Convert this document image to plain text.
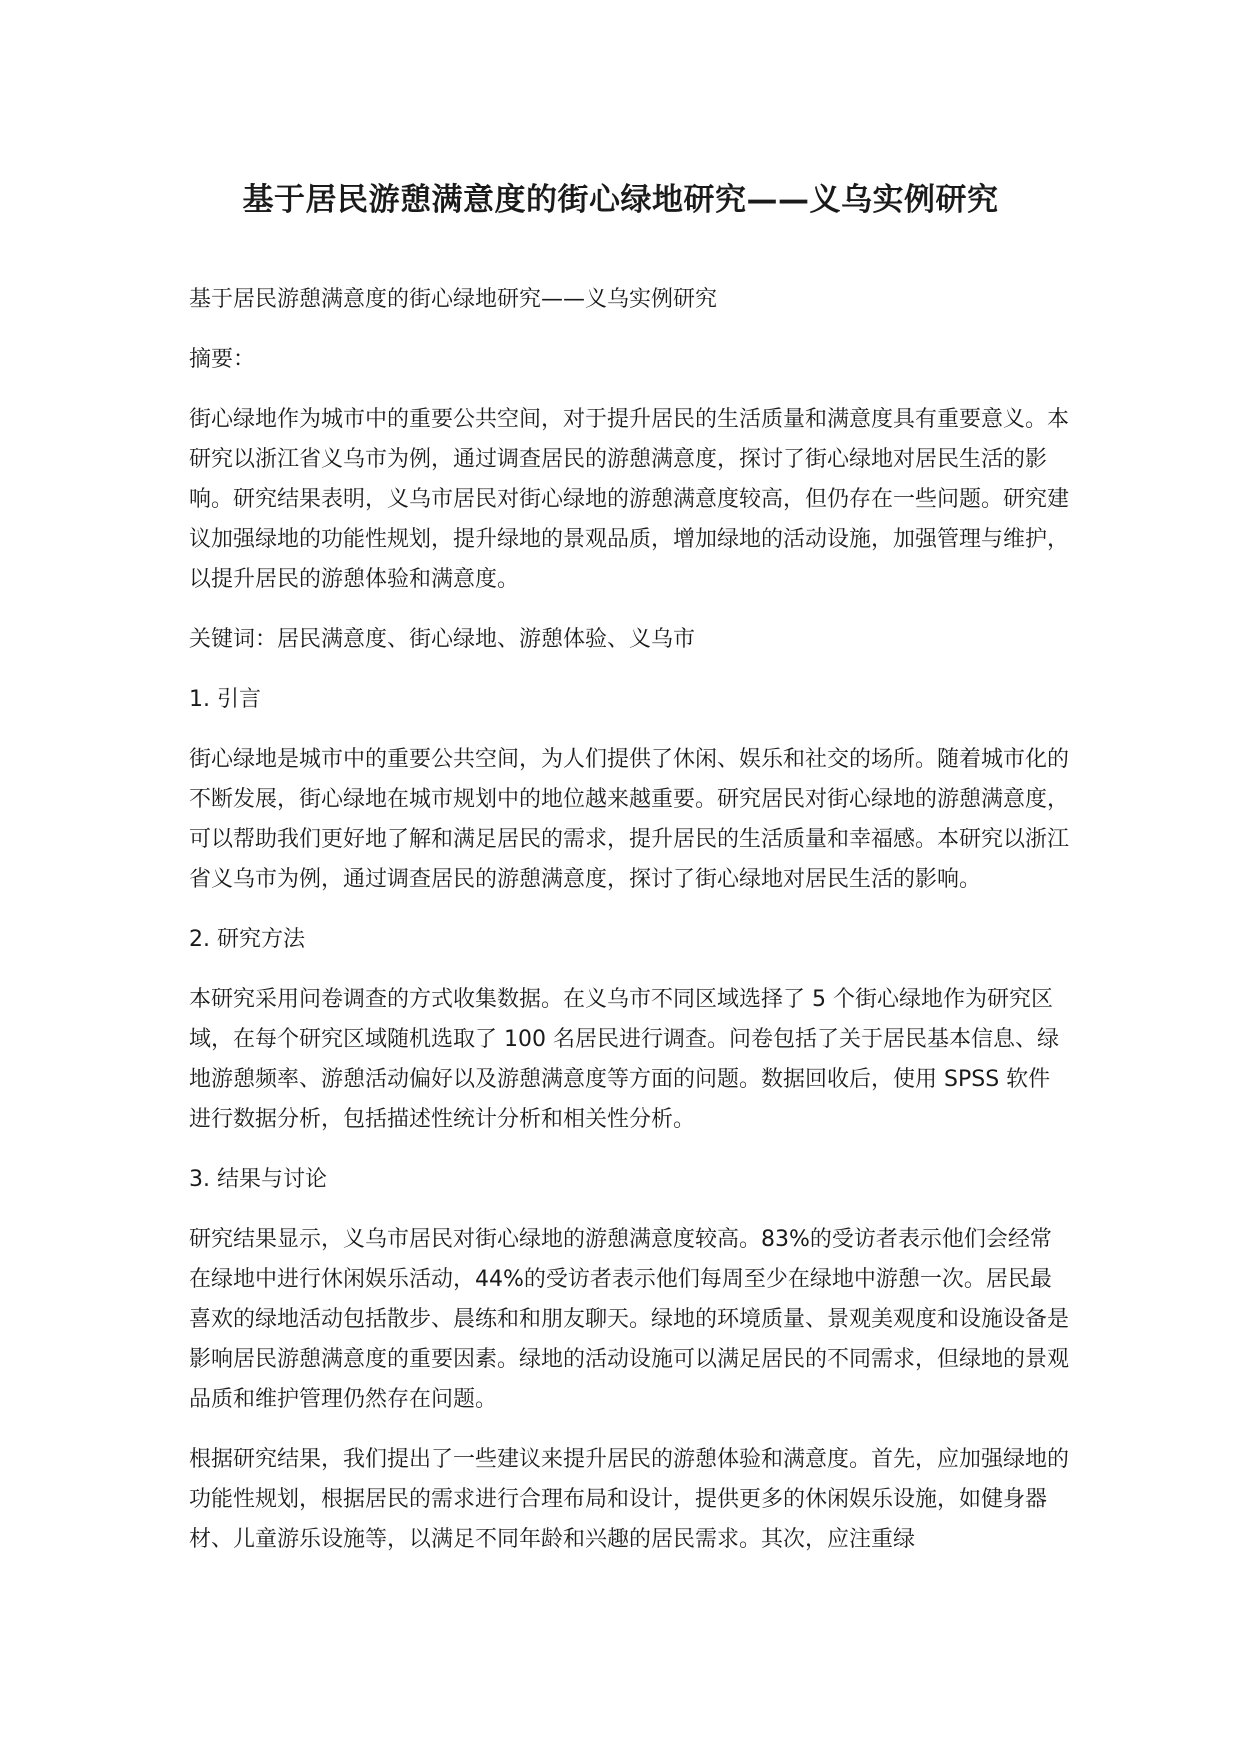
基于居民游憩满意度的街心绿地研究——义乌实例研究

基于居民游憩满意度的街心绿地研究——义乌实例研究

摘要：

街心绿地作为城市中的重要公共空间，对于提升居民的生活质量和满意度具有重要意义。本研究以浙江省义乌市为例，通过调查居民的游憩满意度，探讨了街心绿地对居民生活的影响。研究结果表明，义乌市居民对街心绿地的游憩满意度较高，但仍存在一些问题。研究建议加强绿地的功能性规划，提升绿地的景观品质，增加绿地的活动设施，加强管理与维护，以提升居民的游憩体验和满意度。

关键词：居民满意度、街心绿地、游憩体验、义乌市

1. 引言

街心绿地是城市中的重要公共空间，为人们提供了休闲、娱乐和社交的场所。随着城市化的不断发展，街心绿地在城市规划中的地位越来越重要。研究居民对街心绿地的游憩满意度，可以帮助我们更好地了解和满足居民的需求，提升居民的生活质量和幸福感。本研究以浙江省义乌市为例，通过调查居民的游憩满意度，探讨了街心绿地对居民生活的影响。

2. 研究方法

本研究采用问卷调查的方式收集数据。在义乌市不同区域选择了 5 个街心绿地作为研究区域，在每个研究区域随机选取了 100 名居民进行调查。问卷包括了关于居民基本信息、绿地游憩频率、游憩活动偏好以及游憩满意度等方面的问题。数据回收后，使用 SPSS 软件进行数据分析，包括描述性统计分析和相关性分析。

3. 结果与讨论

研究结果显示，义乌市居民对街心绿地的游憩满意度较高。83%的受访者表示他们会经常在绿地中进行休闲娱乐活动，44%的受访者表示他们每周至少在绿地中游憩一次。居民最喜欢的绿地活动包括散步、晨练和和朋友聊天。绿地的环境质量、景观美观度和设施设备是影响居民游憩满意度的重要因素。绿地的活动设施可以满足居民的不同需求，但绿地的景观品质和维护管理仍然存在问题。

根据研究结果，我们提出了一些建议来提升居民的游憩体验和满意度。首先，应加强绿地的功能性规划，根据居民的需求进行合理布局和设计，提供更多的休闲娱乐设施，如健身器材、儿童游乐设施等，以满足不同年龄和兴趣的居民需求。其次，应注重绿
